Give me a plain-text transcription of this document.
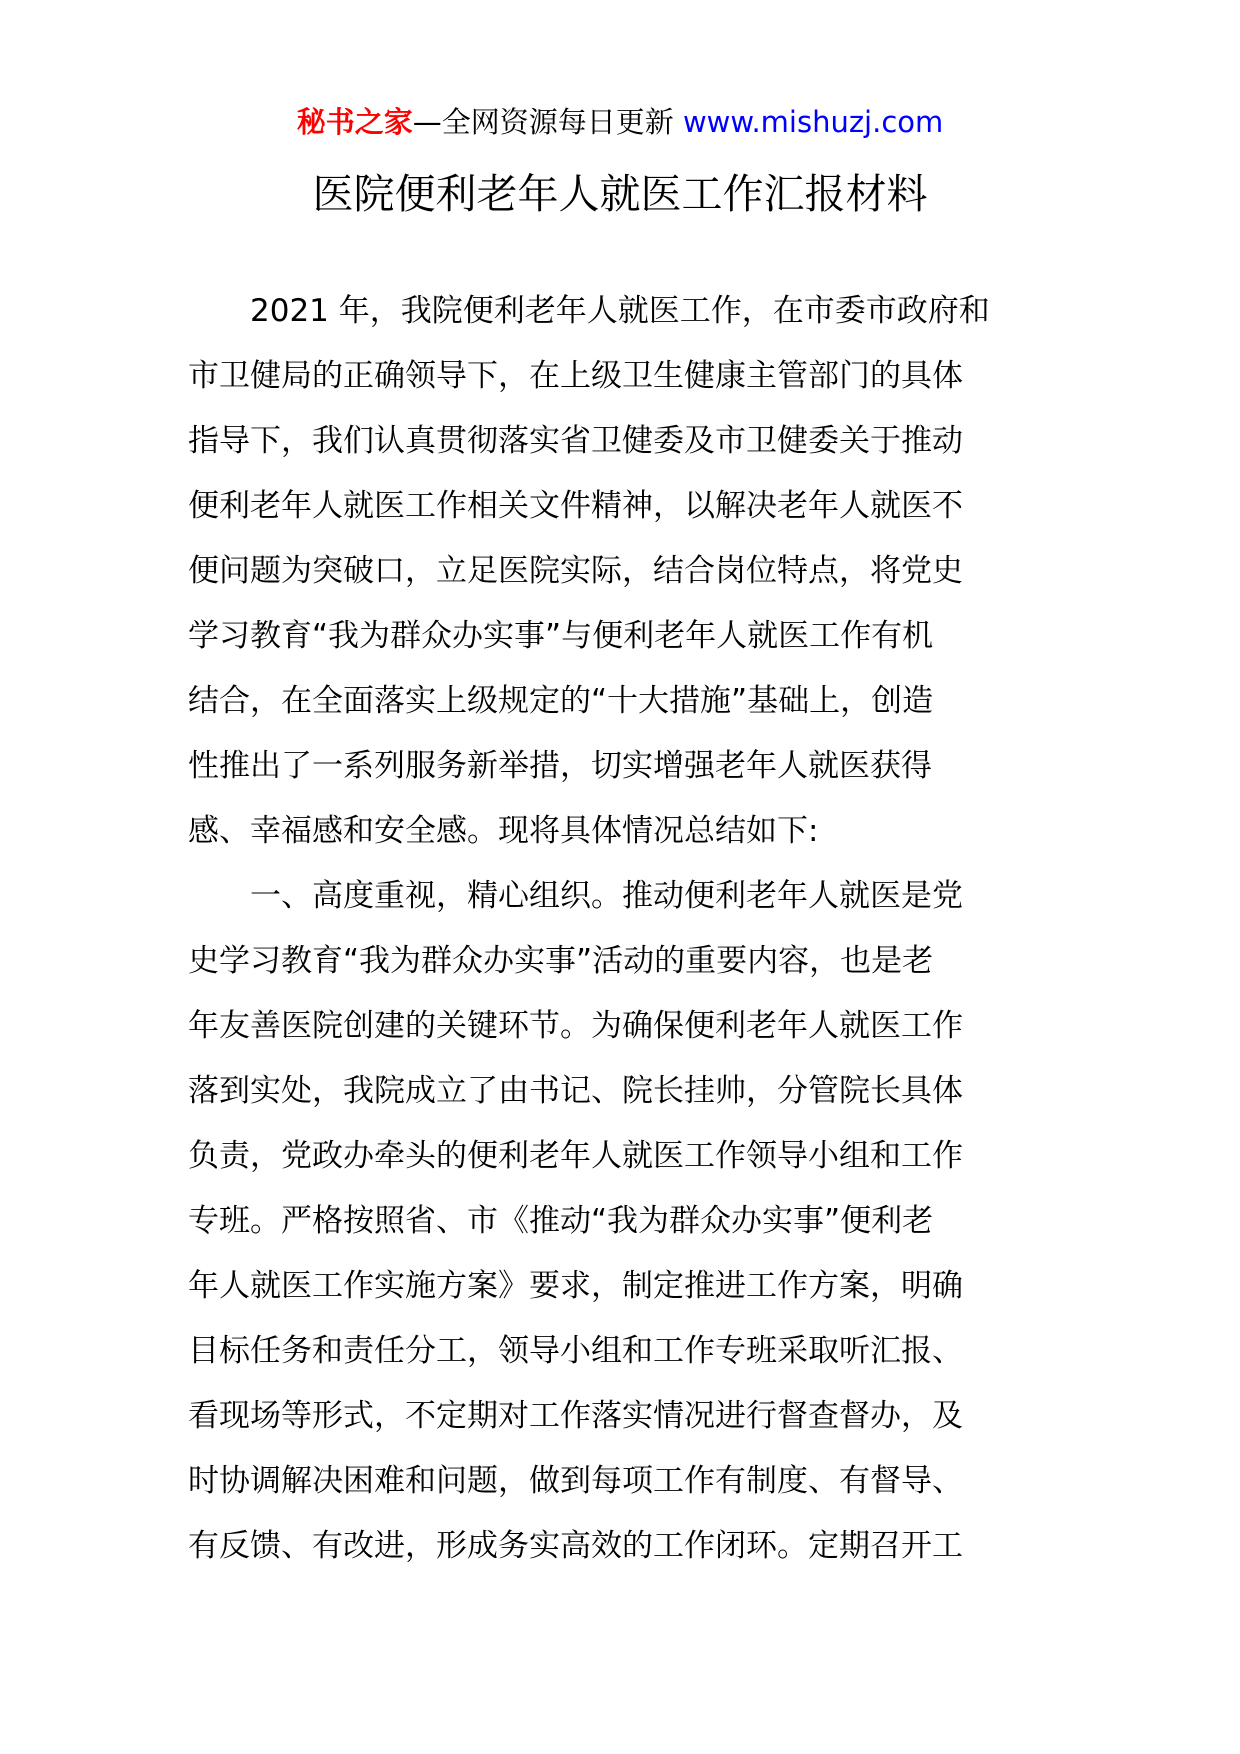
秘书之家—全网资源每日更新 www.mishuzj.com
医院便利老年人就医工作汇报材料
　　2021 年，我院便利老年人就医工作，在市委市政府和
市卫健局的正确领导下，在上级卫生健康主管部门的具体
指导下，我们认真贯彻落实省卫健委及市卫健委关于推动
便利老年人就医工作相关文件精神，以解决老年人就医不
便问题为突破口，立足医院实际，结合岗位特点，将党史
学习教育“我为群众办实事”与便利老年人就医工作有机
结合，在全面落实上级规定的“十大措施”基础上，创造
性推出了一系列服务新举措，切实增强老年人就医获得
感、幸福感和安全感。现将具体情况总结如下:
　　一、高度重视，精心组织。推动便利老年人就医是党
史学习教育“我为群众办实事”活动的重要内容，也是老
年友善医院创建的关键环节。为确保便利老年人就医工作
落到实处，我院成立了由书记、院长挂帅，分管院长具体
负责，党政办牵头的便利老年人就医工作领导小组和工作
专班。严格按照省、市《推动“我为群众办实事”便利老
年人就医工作实施方案》要求，制定推进工作方案，明确
目标任务和责任分工，领导小组和工作专班采取听汇报、
看现场等形式，不定期对工作落实情况进行督查督办，及
时协调解决困难和问题，做到每项工作有制度、有督导、
有反馈、有改进，形成务实高效的工作闭环。定期召开工
